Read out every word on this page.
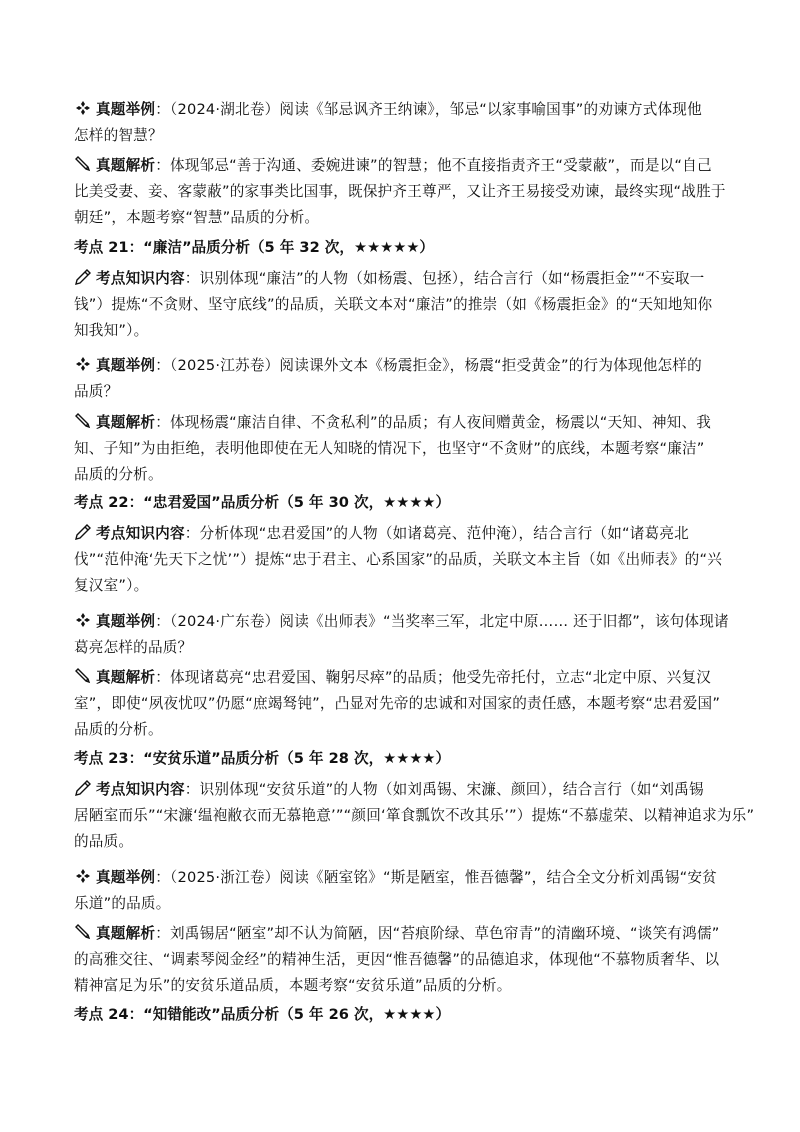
真题举例：（2024·湖北卷）阅读《邹忌讽齐王纳谏》，邹忌“以家事喻国事”的劝谏方式体现他
怎样的智慧？
真题解析：体现邹忌“善于沟通、委婉进谏”的智慧；他不直接指责齐王“受蒙蔽”，而是以“自己
比美受妻、妾、客蒙蔽”的家事类比国事，既保护齐王尊严，又让齐王易接受劝谏，最终实现“战胜于
朝廷”，本题考察“智慧”品质的分析。
考点 21：“廉洁”品质分析（5 年 32 次，★★★★★）
考点知识内容：识别体现“廉洁”的人物（如杨震、包拯），结合言行（如“杨震拒金”“不妄取一
钱”）提炼“不贪财、坚守底线”的品质，关联文本对“廉洁”的推崇（如《杨震拒金》的“天知地知你
知我知”）。
真题举例：（2025·江苏卷）阅读课外文本《杨震拒金》，杨震“拒受黄金”的行为体现他怎样的
品质？
真题解析：体现杨震“廉洁自律、不贪私利”的品质；有人夜间赠黄金，杨震以“天知、神知、我
知、子知”为由拒绝，表明他即使在无人知晓的情况下，也坚守“不贪财”的底线，本题考察“廉洁”
品质的分析。
考点 22：“忠君爱国”品质分析（5 年 30 次，★★★★）
考点知识内容：分析体现“忠君爱国”的人物（如诸葛亮、范仲淹），结合言行（如“诸葛亮北
伐”“范仲淹‘先天下之忧’”）提炼“忠于君主、心系国家”的品质，关联文本主旨（如《出师表》的“兴
复汉室”）。
真题举例：（2024·广东卷）阅读《出师表》“当奖率三军，北定中原…… 还于旧都”，该句体现诸
葛亮怎样的品质？
真题解析：体现诸葛亮“忠君爱国、鞠躬尽瘁”的品质；他受先帝托付，立志“北定中原、兴复汉
室”，即使“夙夜忧叹”仍愿“庶竭驽钝”，凸显对先帝的忠诚和对国家的责任感，本题考察“忠君爱国”
品质的分析。
考点 23：“安贫乐道”品质分析（5 年 28 次，★★★★）
考点知识内容：识别体现“安贫乐道”的人物（如刘禹锡、宋濂、颜回），结合言行（如“刘禹锡
居陋室而乐”“宋濂‘缊袍敝衣而无慕艳意’”“颜回‘箪食瓢饮不改其乐’”）提炼“不慕虚荣、以精神追求为乐”
的品质。
真题举例：（2025·浙江卷）阅读《陋室铭》“斯是陋室，惟吾德馨”，结合全文分析刘禹锡“安贫
乐道”的品质。
真题解析：刘禹锡居“陋室”却不认为简陋，因“苔痕阶绿、草色帘青”的清幽环境、“谈笑有鸿儒”
的高雅交往、“调素琴阅金经”的精神生活，更因“惟吾德馨”的品德追求，体现他“不慕物质奢华、以
精神富足为乐”的安贫乐道品质，本题考察“安贫乐道”品质的分析。
考点 24：“知错能改”品质分析（5 年 26 次，★★★★）
